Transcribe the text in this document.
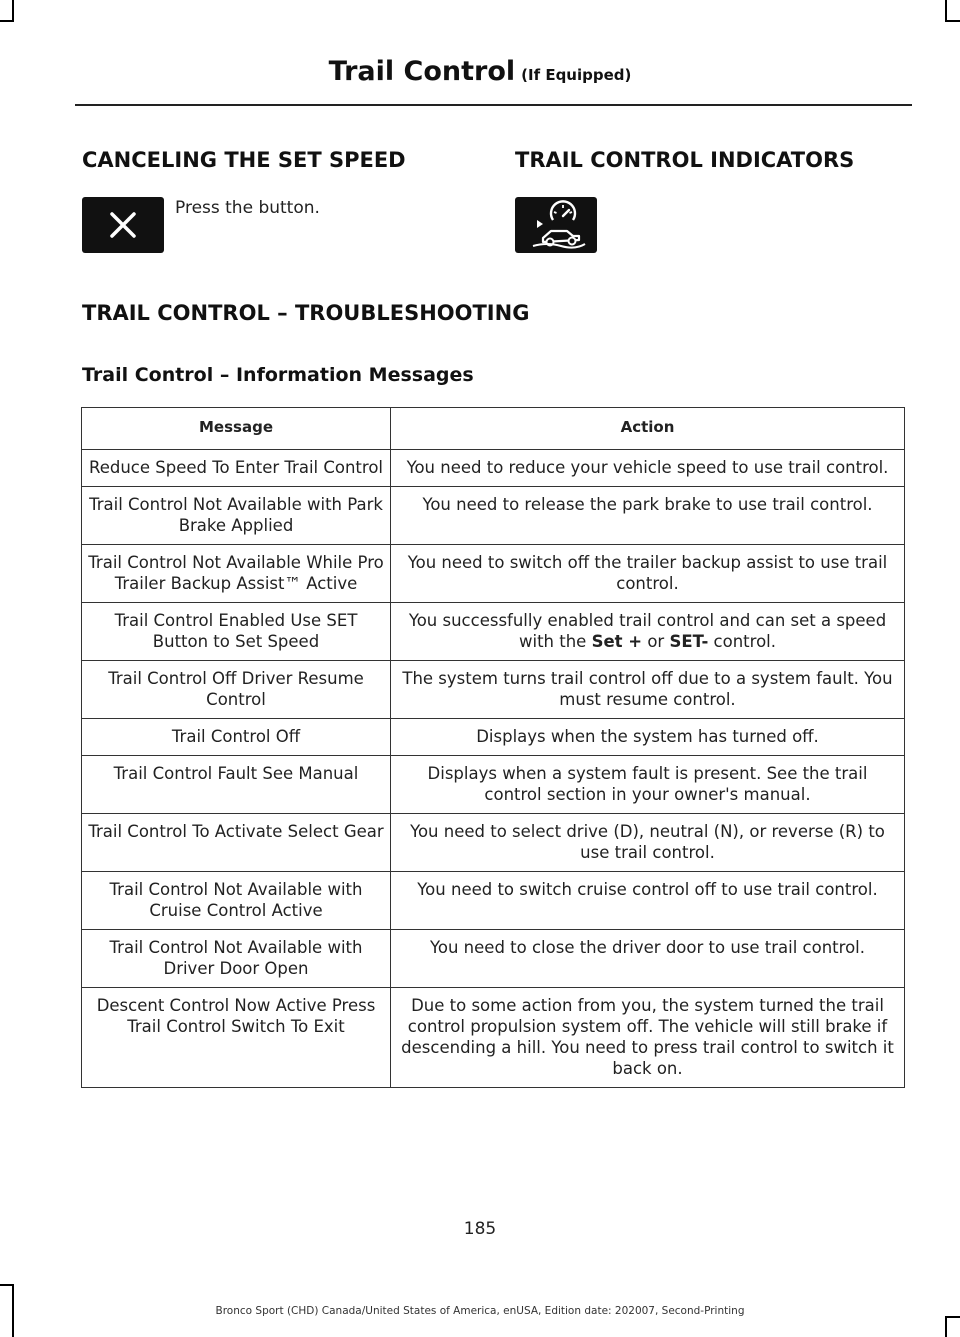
Trail Control (If Equipped)
CANCELING THE SET SPEED
Press the button.
TRAIL CONTROL INDICATORS
TRAIL CONTROL – TROUBLESHOOTING
Trail Control – Information Messages
Message	Action
Reduce Speed To Enter Trail Control	You need to reduce your vehicle speed to use trail control.
Trail Control Not Available with Park Brake Applied	You need to release the park brake to use trail control.
Trail Control Not Available While Pro Trailer Backup Assist™ Active	You need to switch off the trailer backup assist to use trail control.
Trail Control Enabled Use SET Button to Set Speed	You successfully enabled trail control and can set a speed with the Set + or SET- control.
Trail Control Off Driver Resume Control	The system turns trail control off due to a system fault. You must resume control.
Trail Control Off	Displays when the system has turned off.
Trail Control Fault See Manual	Displays when a system fault is present. See the trail control section in your owner's manual.
Trail Control To Activate Select Gear	You need to select drive (D), neutral (N), or reverse (R) to use trail control.
Trail Control Not Available with Cruise Control Active	You need to switch cruise control off to use trail control.
Trail Control Not Available with Driver Door Open	You need to close the driver door to use trail control.
Descent Control Now Active Press Trail Control Switch To Exit	Due to some action from you, the system turned the trail control propulsion system off. The vehicle will still brake if descending a hill. You need to press trail control to switch it back on.
185
Bronco Sport (CHD) Canada/United States of America, enUSA, Edition date: 202007, Second-Printing
